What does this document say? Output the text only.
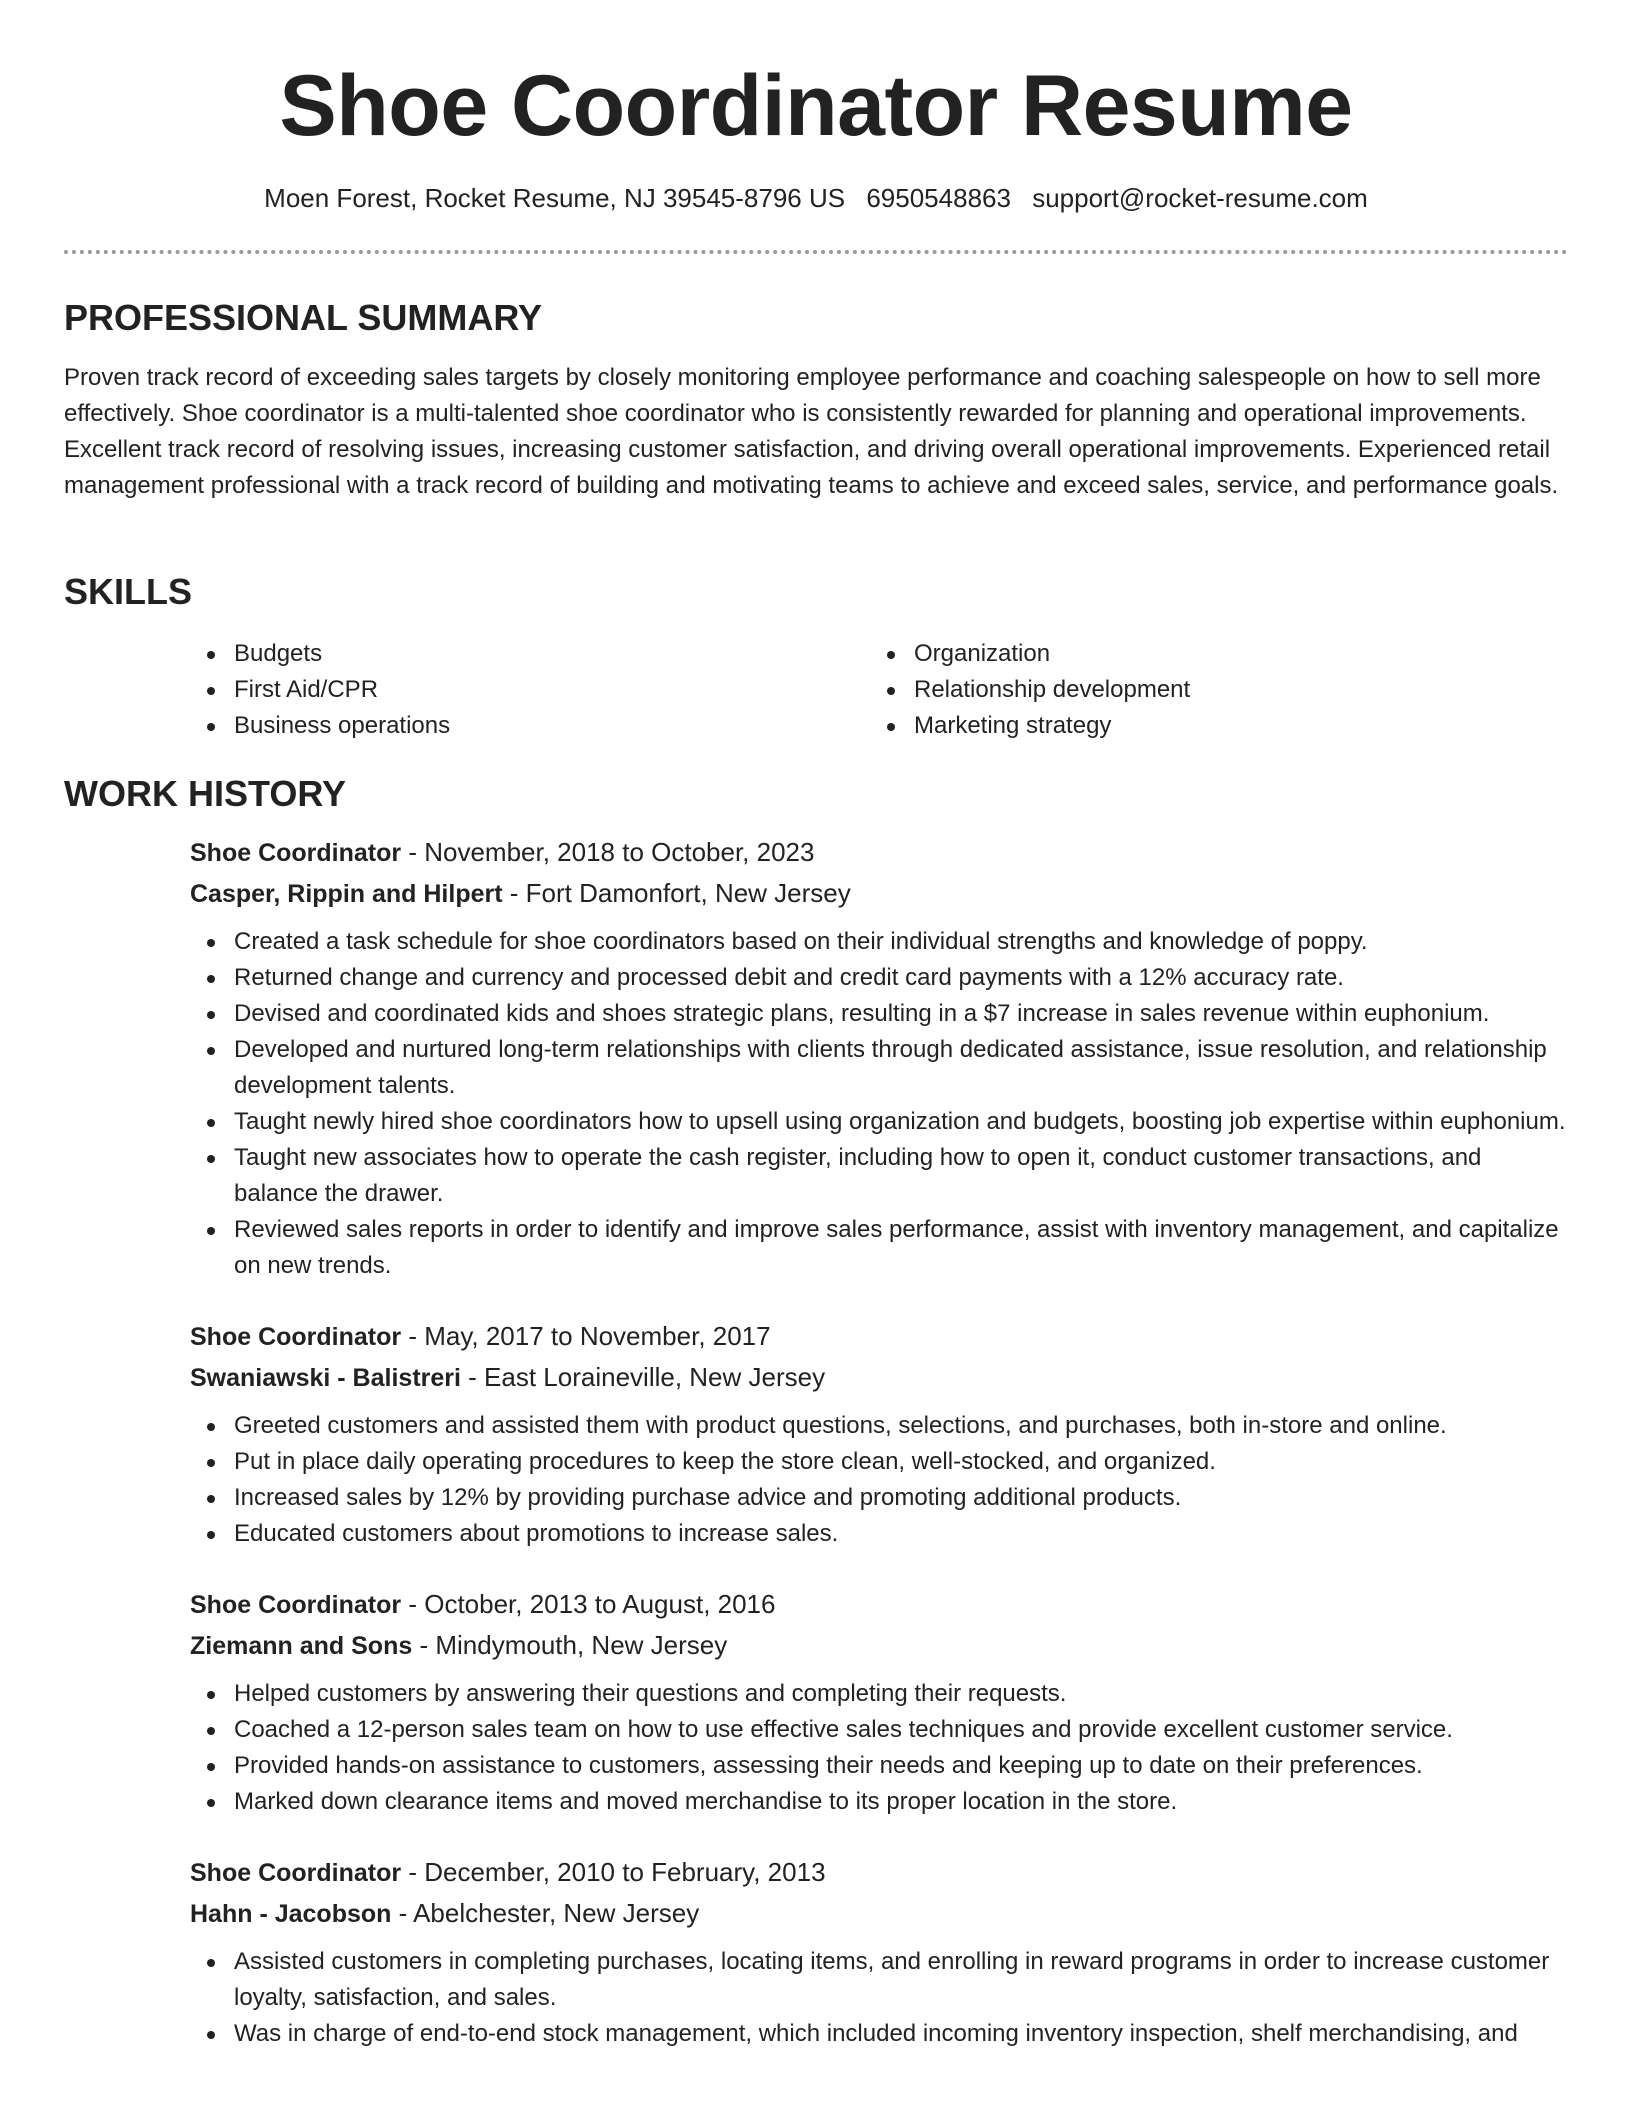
Shoe Coordinator Resume
Moen Forest, Rocket Resume, NJ 39545-8796 US 6950548863 support@rocket-resume.com
PROFESSIONAL SUMMARY

Proven track record of exceeding sales targets by closely monitoring employee performance and coaching salespeople on how to sell more effectively. Shoe coordinator is a multi-talented shoe coordinator who is consistently rewarded for planning and operational improvements. Excellent track record of resolving issues, increasing customer satisfaction, and driving overall operational improvements. Experienced retail management professional with a track record of building and motivating teams to achieve and exceed sales, service, and performance goals.

SKILLS
Budgets
First Aid/CPR
Business operations
Organization
Relationship development
Marketing strategy
WORK HISTORY

Shoe Coordinator - November, 2018 to October, 2023

Casper, Rippin and Hilpert - Fort Damonfort, New Jersey

Created a task schedule for shoe coordinators based on their individual strengths and knowledge of poppy.
Returned change and currency and processed debit and credit card payments with a 12% accuracy rate.
Devised and coordinated kids and shoes strategic plans, resulting in a $7 increase in sales revenue within euphonium.
Developed and nurtured long-term relationships with clients through dedicated assistance, issue resolution, and relationship development talents.
Taught newly hired shoe coordinators how to upsell using organization and budgets, boosting job expertise within euphonium.
Taught new associates how to operate the cash register, including how to open it, conduct customer transactions, and balance the drawer.
Reviewed sales reports in order to identify and improve sales performance, assist with inventory management, and capitalize on new trends.

Shoe Coordinator - May, 2017 to November, 2017

Swaniawski - Balistreri - East Loraineville, New Jersey

Greeted customers and assisted them with product questions, selections, and purchases, both in-store and online.
Put in place daily operating procedures to keep the store clean, well-stocked, and organized.
Increased sales by 12% by providing purchase advice and promoting additional products.
Educated customers about promotions to increase sales.

Shoe Coordinator - October, 2013 to August, 2016

Ziemann and Sons - Mindymouth, New Jersey

Helped customers by answering their questions and completing their requests.
Coached a 12-person sales team on how to use effective sales techniques and provide excellent customer service.
Provided hands-on assistance to customers, assessing their needs and keeping up to date on their preferences.
Marked down clearance items and moved merchandise to its proper location in the store.

Shoe Coordinator - December, 2010 to February, 2013

Hahn - Jacobson - Abelchester, New Jersey

Assisted customers in completing purchases, locating items, and enrolling in reward programs in order to increase customer loyalty, satisfaction, and sales.
Was in charge of end-to-end stock management, which included incoming inventory inspection, shelf merchandising, and
